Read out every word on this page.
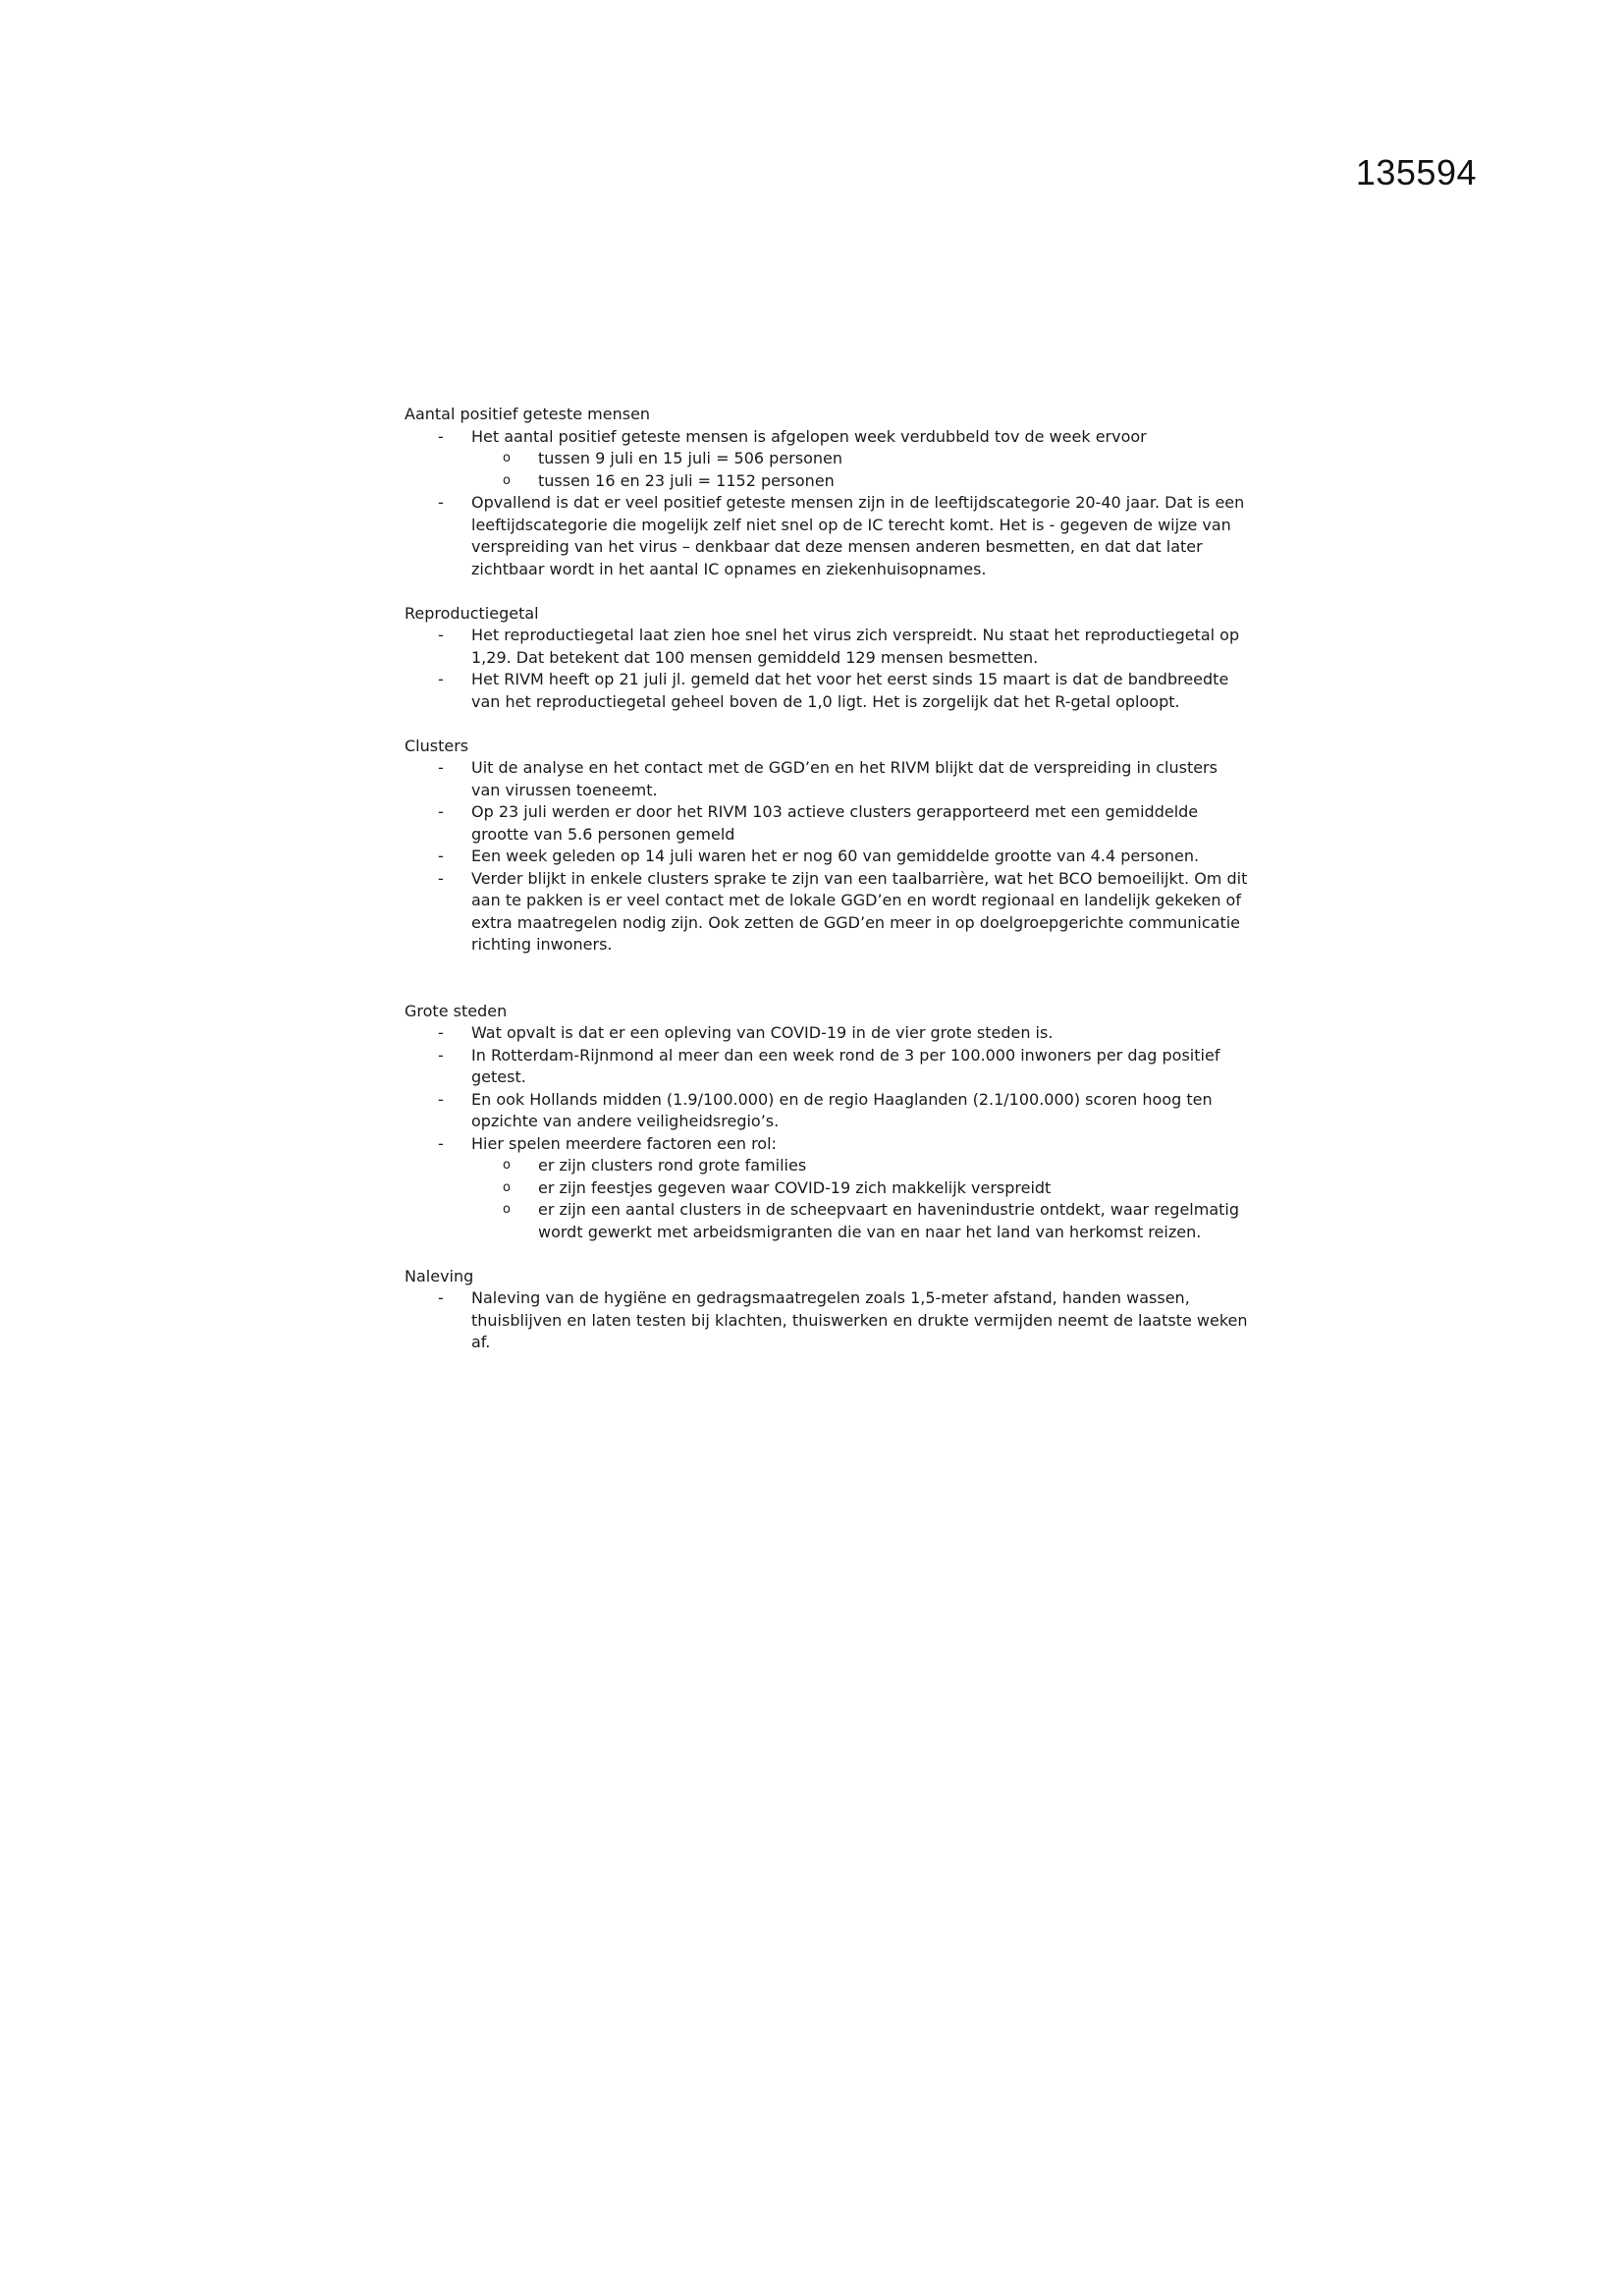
135594

Aantal positief geteste mensen

- Het aantal positief geteste mensen is afgelopen week verdubbeld tov de week ervoor
o tussen 9 juli en 15 juli = 506 personen
o tussen 16 en 23 juli = 1152 personen
- Opvallend is dat er veel positief geteste mensen zijn in de leeftijdscategorie 20-40 jaar. Dat is een leeftijdscategorie die mogelijk zelf niet snel op de IC terecht komt. Het is - gegeven de wijze van verspreiding van het virus – denkbaar dat deze mensen anderen besmetten, en dat dat later zichtbaar wordt in het aantal IC opnames en ziekenhuisopnames.

Reproductiegetal

- Het reproductiegetal laat zien hoe snel het virus zich verspreidt. Nu staat het reproductiegetal op 1,29. Dat betekent dat 100 mensen gemiddeld 129 mensen besmetten.
- Het RIVM heeft op 21 juli jl. gemeld dat het voor het eerst sinds 15 maart is dat de bandbreedte van het reproductiegetal geheel boven de 1,0 ligt. Het is zorgelijk dat het R-getal oploopt.

Clusters

- Uit de analyse en het contact met de GGD’en en het RIVM blijkt dat de verspreiding in clusters van virussen toeneemt.
- Op 23 juli werden er door het RIVM 103 actieve clusters gerapporteerd met een gemiddelde grootte van 5.6 personen gemeld
- Een week geleden op 14 juli waren het er nog 60 van gemiddelde grootte van 4.4 personen.
- Verder blijkt in enkele clusters sprake te zijn van een taalbarrière, wat het BCO bemoeilijkt. Om dit aan te pakken is er veel contact met de lokale GGD’en en wordt regionaal en landelijk gekeken of extra maatregelen nodig zijn. Ook zetten de GGD’en meer in op doelgroepgerichte communicatie richting inwoners.

Grote steden

- Wat opvalt is dat er een opleving van COVID-19 in de vier grote steden is.
- In Rotterdam-Rijnmond al meer dan een week rond de 3 per 100.000 inwoners per dag positief getest.
- En ook Hollands midden (1.9/100.000) en de regio Haaglanden (2.1/100.000) scoren hoog ten opzichte van andere veiligheidsregio’s.
- Hier spelen meerdere factoren een rol:
o er zijn clusters rond grote families
o er zijn feestjes gegeven waar COVID-19 zich makkelijk verspreidt
o er zijn een aantal clusters in de scheepvaart en havenindustrie ontdekt, waar regelmatig wordt gewerkt met arbeidsmigranten die van en naar het land van herkomst reizen.

Naleving

- Naleving van de hygiëne en gedragsmaatregelen zoals 1,5-meter afstand, handen wassen, thuisblijven en laten testen bij klachten, thuiswerken en drukte vermijden neemt de laatste weken af.
